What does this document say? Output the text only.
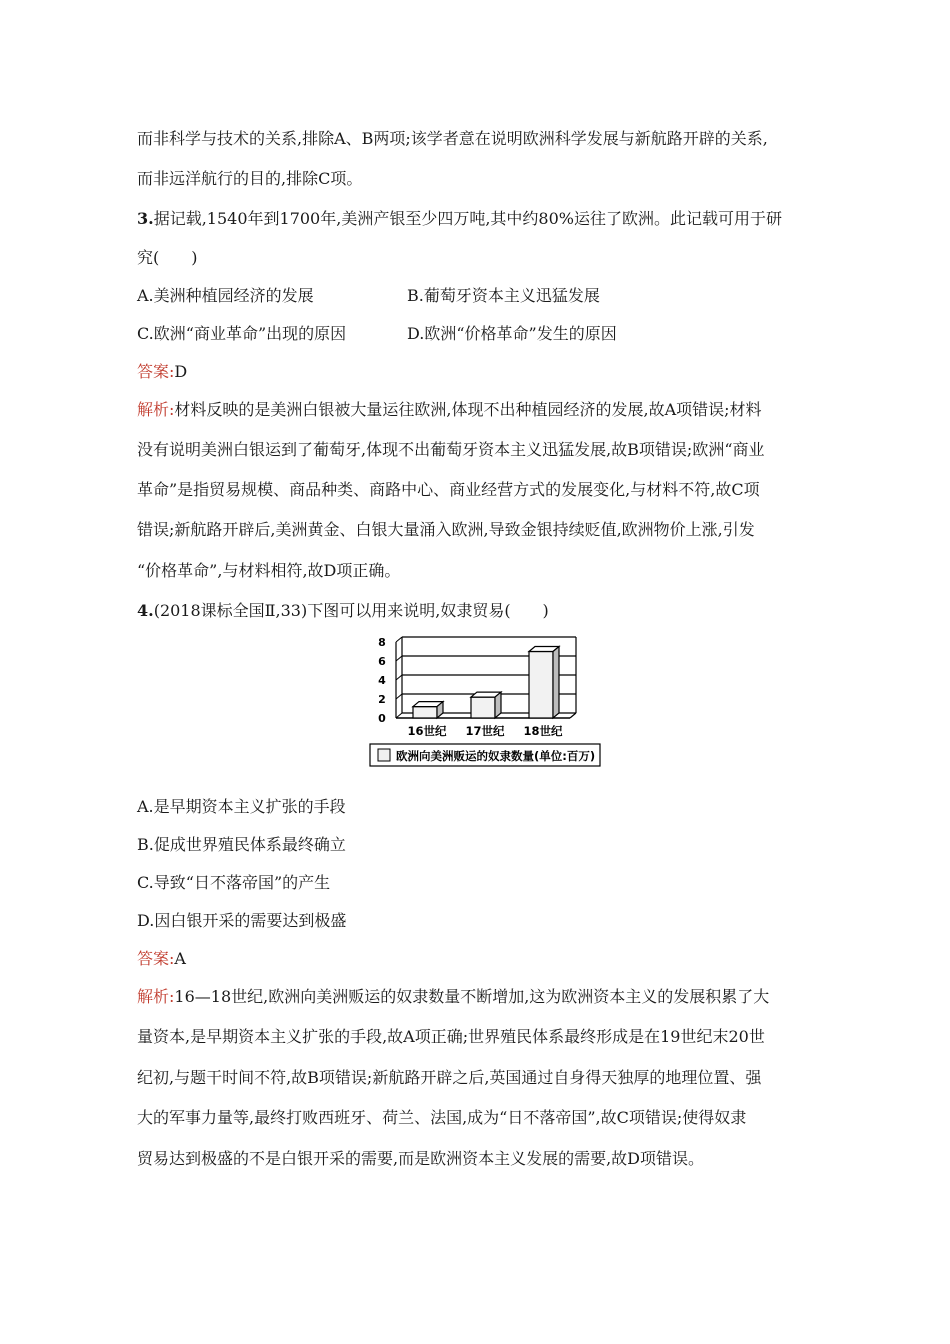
而非科学与技术的关系,排除A、B两项;该学者意在说明欧洲科学发展与新航路开辟的关系,
而非远洋航行的目的,排除C项。
3.据记载,1540年到1700年,美洲产银至少四万吨,其中约80%运往了欧洲。此记载可用于研
究(　　)
A.美洲种植园经济的发展	B.葡萄牙资本主义迅猛发展
C.欧洲“商业革命”出现的原因	D.欧洲“价格革命”发生的原因
答案:D
解析:材料反映的是美洲白银被大量运往欧洲,体现不出种植园经济的发展,故A项错误;材料
没有说明美洲白银运到了葡萄牙,体现不出葡萄牙资本主义迅猛发展,故B项错误;欧洲“商业
革命”是指贸易规模、商品种类、商路中心、商业经营方式的发展变化,与材料不符,故C项
错误;新航路开辟后,美洲黄金、白银大量涌入欧洲,导致金银持续贬值,欧洲物价上涨,引发
“价格革命”,与材料相符,故D项正确。
4.(2018课标全国Ⅱ,33)下图可以用来说明,奴隶贸易(　　)
0
2
4
6
8
16世纪 17世纪 18世纪
欧洲向美洲贩运的奴隶数量(单位:百万)
A.是早期资本主义扩张的手段
B.促成世界殖民体系最终确立
C.导致“日不落帝国”的产生
D.因白银开采的需要达到极盛
答案:A
解析:16—18世纪,欧洲向美洲贩运的奴隶数量不断增加,这为欧洲资本主义的发展积累了大
量资本,是早期资本主义扩张的手段,故A项正确;世界殖民体系最终形成是在19世纪末20世
纪初,与题干时间不符,故B项错误;新航路开辟之后,英国通过自身得天独厚的地理位置、强
大的军事力量等,最终打败西班牙、荷兰、法国,成为“日不落帝国”,故C项错误;使得奴隶
贸易达到极盛的不是白银开采的需要,而是欧洲资本主义发展的需要,故D项错误。
